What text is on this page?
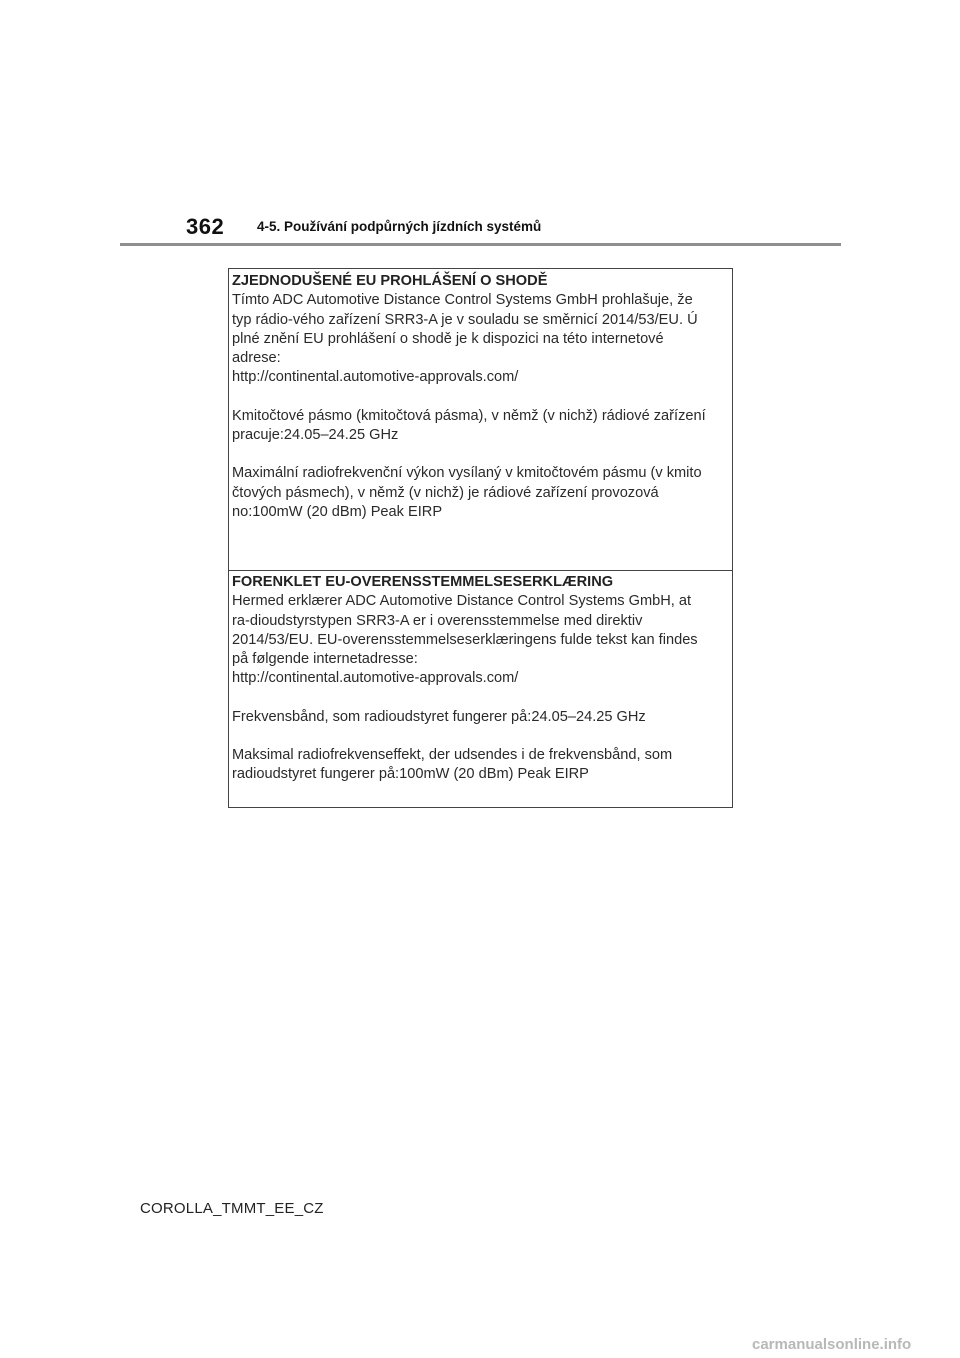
362 4-5. Používání podpůrných jízdních systémů
ZJEDNODUŠENÉ EU PROHLÁŠENÍ O SHODĚ
Tímto ADC Automotive Distance Control Systems GmbH prohlašuje, že
typ rádio-vého zařízení SRR3-A je v souladu se směrnicí 2014/53/EU. Ú
plné znění EU prohlášení o shodě je k dispozici na této internetové
adrese:
http://continental.automotive-approvals.com/
Kmitočtové pásmo (kmitočtová pásma), v němž (v nichž) rádiové zařízení
pracuje:24.05–24.25 GHz
Maximální radiofrekvenční výkon vysílaný v kmitočtovém pásmu (v kmito
čtových pásmech), v němž (v nichž) je rádiové zařízení provozová
no:100mW (20 dBm) Peak EIRP
FORENKLET EU-OVERENSSTEMMELSESERKLÆRING
Hermed erklærer ADC Automotive Distance Control Systems GmbH, at
ra-dioudstyrstypen SRR3-A er i overensstemmelse med direktiv
2014/53/EU. EU-overensstemmelseserklæringens fulde tekst kan findes
på følgende internetadresse:
http://continental.automotive-approvals.com/
Frekvensbånd, som radioudstyret fungerer på:24.05–24.25 GHz
Maksimal radiofrekvenseffekt, der udsendes i de frekvensbånd, som
radioudstyret fungerer på:100mW (20 dBm) Peak EIRP
COROLLA_TMMT_EE_CZ
carmanualsonline.info
